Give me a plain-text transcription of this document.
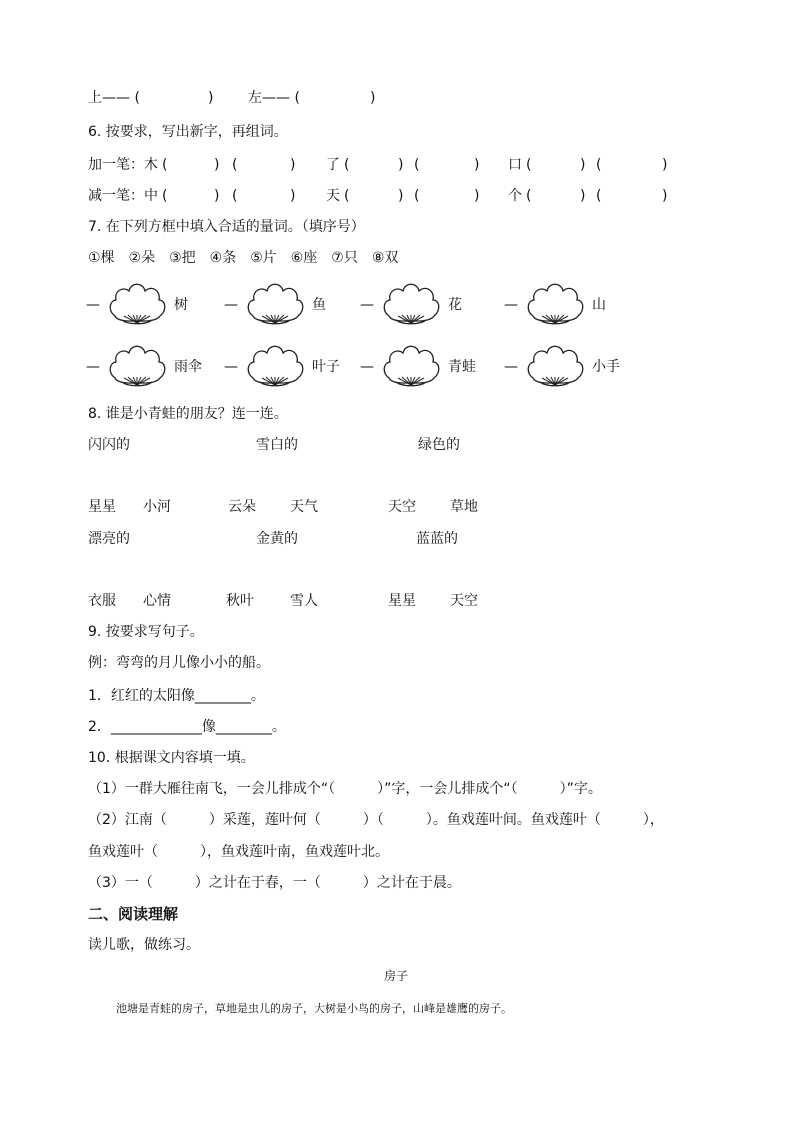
上—— (	) 左—— (	)
6. 按要求，写出新字，再组词。
加一笔： 木 (	) (	) 了 (	) (	) 口 (	) (	)
减一笔： 中 (	) (	) 天 (	) (	) 个 (	) (	)
7. 在下列方框中填入合适的量词。（填序号）
①棵　②朵　③把　④条　⑤片　⑥座　⑦只　⑧双
—	树	—	鱼 —	花	—	山
—	雨伞 —	叶子 —	青蛙 —	小手
8. 谁是小青蛙的朋友？连一连。
闪闪的	雪白的	绿色的
星星 小河	云朵 天气	天空 草地
漂亮的	金黄的	蓝蓝的
衣服 心情	秋叶	雪人	星星 天空
9. 按要求写句子。
例：弯弯的月儿像小小的船。
1．红红的太阳像________。
2．_____________像________。
10. 根据课文内容填一填。
（1）一群大雁往南飞，一会儿排成个“（　　　）”字，一会儿排成个“（　　　）”字。
（2）江南（　　　）采莲，莲叶何（　　　）（　　　）。鱼戏莲叶间。鱼戏莲叶（　　　），
鱼戏莲叶（　　　），鱼戏莲叶南，鱼戏莲叶北。
（3）一（　　　）之计在于春，一（　　　）之计在于晨。
二、阅读理解
读儿歌，做练习。
房子
池塘是青蛙的房子，草地是虫儿的房子，大树是小鸟的房子，山峰是雄鹰的房子。
